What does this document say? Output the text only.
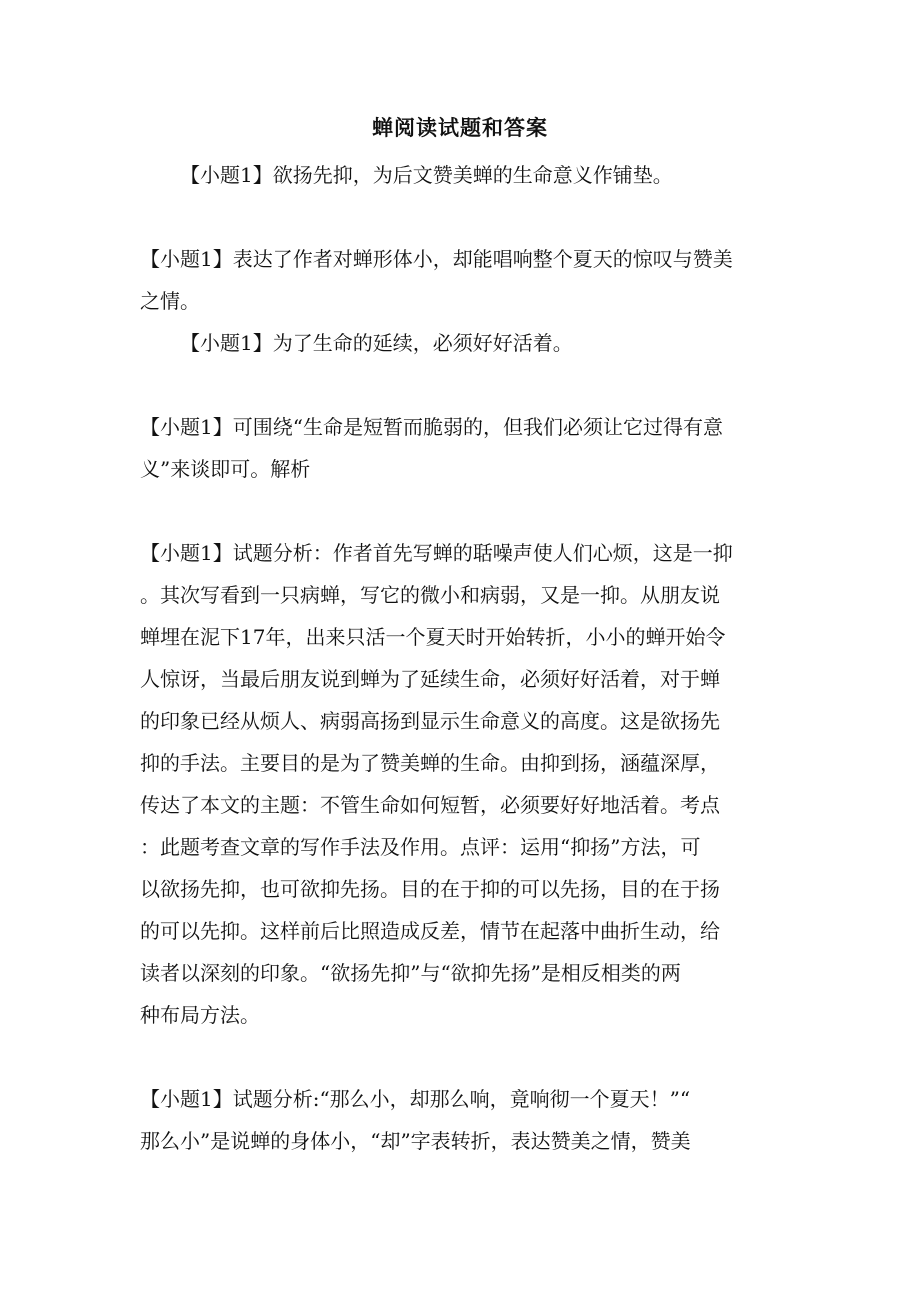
蝉阅读试题和答案
【小题1】欲扬先抑，为后文赞美蝉的生命意义作铺垫。
【小题1】表达了作者对蝉形体小，却能唱响整个夏天的惊叹与赞美
之情。
【小题1】为了生命的延续，必须好好活着。
【小题1】可围绕“生命是短暂而脆弱的，但我们必须让它过得有意
义”来谈即可。解析
【小题1】试题分析：作者首先写蝉的聒噪声使人们心烦，这是一抑
。其次写看到一只病蝉，写它的微小和病弱，又是一抑。从朋友说
蝉埋在泥下17年，出来只活一个夏天时开始转折，小小的蝉开始令
人惊讶，当最后朋友说到蝉为了延续生命，必须好好活着，对于蝉
的印象已经从烦人、病弱高扬到显示生命意义的高度。这是欲扬先
抑的手法。主要目的是为了赞美蝉的生命。由抑到扬，涵蕴深厚，
传达了本文的主题：不管生命如何短暂，必须要好好地活着。考点
：此题考查文章的写作手法及作用。点评：运用“抑扬”方法，可
以欲扬先抑，也可欲抑先扬。目的在于抑的可以先扬，目的在于扬
的可以先抑。这样前后比照造成反差，情节在起落中曲折生动，给
读者以深刻的印象。“欲扬先抑”与“欲抑先扬”是相反相类的两
种布局方法。
【小题1】试题分析:“那么小，却那么响，竟响彻一个夏天！”“
那么小”是说蝉的身体小，“却”字表转折，表达赞美之情，赞美
